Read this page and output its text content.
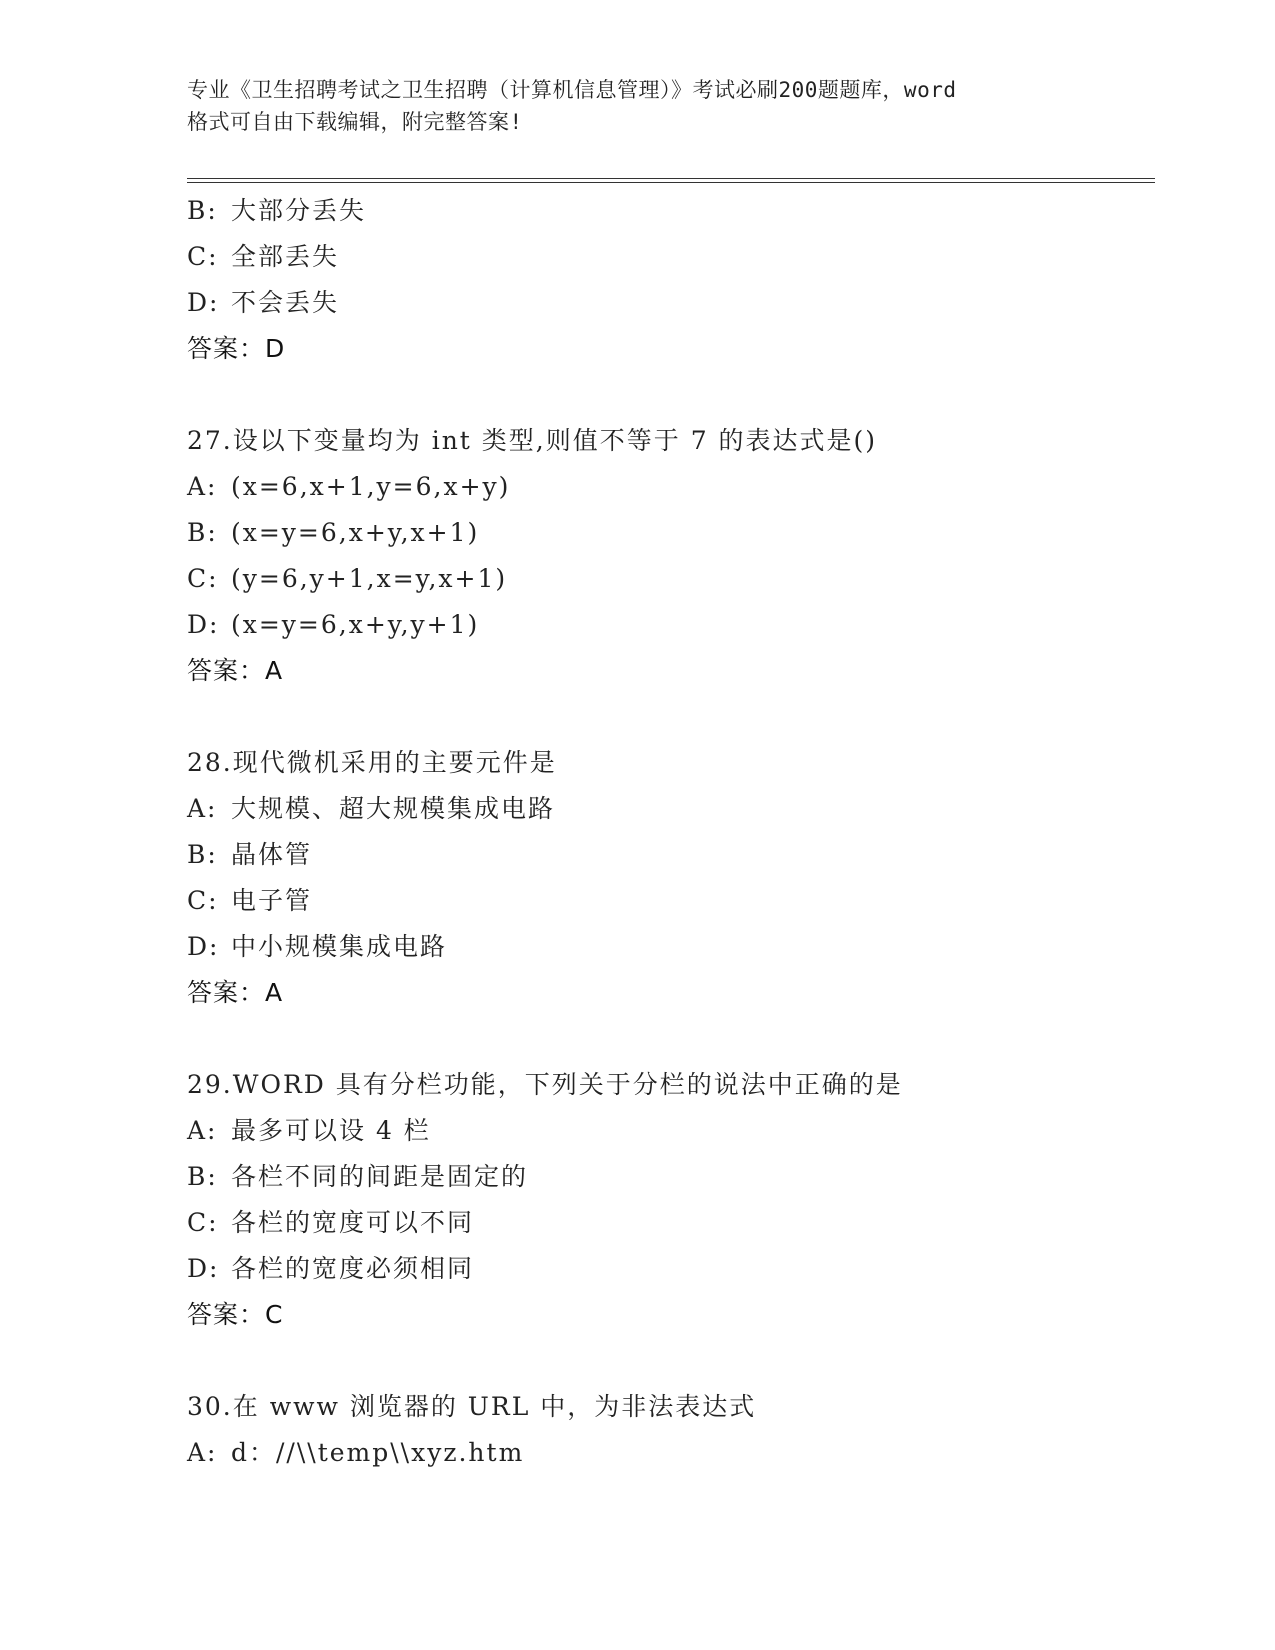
专业《卫生招聘考试之卫生招聘（计算机信息管理）》考试必刷200题题库，word
格式可自由下载编辑，附完整答案!
B: 大部分丢失
C: 全部丢失
D: 不会丢失
答案：D
27.设以下变量均为 int 类型,则值不等于 7 的表达式是()
A: (x=6,x+1,y=6,x+y)
B: (x=y=6,x+y,x+1)
C: (y=6,y+1,x=y,x+1)
D: (x=y=6,x+y,y+1)
答案：A
28.现代微机采用的主要元件是
A: 大规模、超大规模集成电路
B: 晶体管
C: 电子管
D: 中小规模集成电路
答案：A
29.WORD 具有分栏功能，下列关于分栏的说法中正确的是
A: 最多可以设 4 栏
B: 各栏不同的间距是固定的
C: 各栏的宽度可以不同
D: 各栏的宽度必须相同
答案：C
30.在 www 浏览器的 URL 中，为非法表达式
A: d：//\\temp\\xyz.htm
